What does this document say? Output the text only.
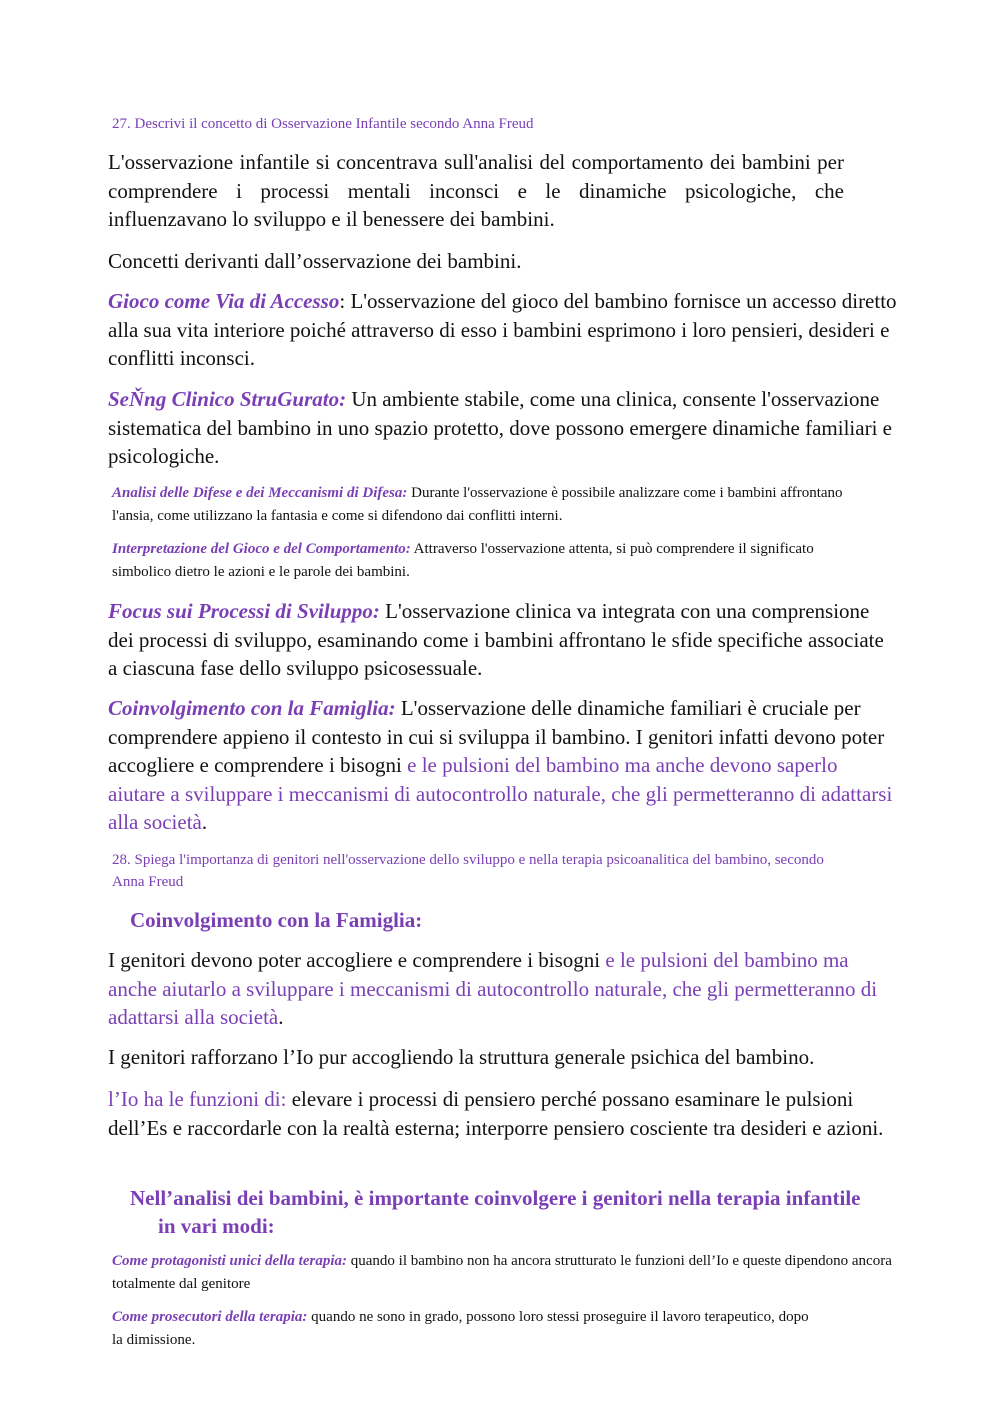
27. Descrivi il concetto di Osservazione Infantile secondo Anna Freud

L'osservazione infantile si concentrava sull'analisi del comportamento dei bambini per comprendere i processi mentali inconsci e le dinamiche psicologiche, che influenzavano lo sviluppo e il benessere dei bambini.

Concetti derivanti dall’osservazione dei bambini.

Gioco come Via di Accesso: L'osservazione del gioco del bambino fornisce un accesso diretto alla sua vita interiore poiché attraverso di esso i bambini esprimono i loro pensieri, desideri e conflitti inconsci.

SeŇng Clinico StruGurato: Un ambiente stabile, come una clinica, consente l'osservazione sistematica del bambino in uno spazio protetto, dove possono emergere dinamiche familiari e psicologiche.

Analisi delle Difese e dei Meccanismi di Difesa: Durante l'osservazione è possibile analizzare come i bambini affrontano l'ansia, come utilizzano la fantasia e come si difendono dai conflitti interni.

Interpretazione del Gioco e del Comportamento: Attraverso l'osservazione attenta, si può comprendere il significato simbolico dietro le azioni e le parole dei bambini.

Focus sui Processi di Sviluppo: L'osservazione clinica va integrata con una comprensione dei processi di sviluppo, esaminando come i bambini affrontano le sfide specifiche associate a ciascuna fase dello sviluppo psicosessuale.

Coinvolgimento con la Famiglia: L'osservazione delle dinamiche familiari è cruciale per comprendere appieno il contesto in cui si sviluppa il bambino. I genitori infatti devono poter accogliere e comprendere i bisogni e le pulsioni del bambino ma anche devono saperlo aiutare a sviluppare i meccanismi di autocontrollo naturale, che gli permetteranno di adattarsi alla società.

28. Spiega l'importanza di genitori nell'osservazione dello sviluppo e nella terapia psicoanalitica del bambino, secondo Anna Freud
Coinvolgimento con la Famiglia:

I genitori devono poter accogliere e comprendere i bisogni e le pulsioni del bambino ma anche aiutarlo a sviluppare i meccanismi di autocontrollo naturale, che gli permetteranno di adattarsi alla società.

I genitori rafforzano l’Io pur accogliendo la struttura generale psichica del bambino.

l’Io ha le funzioni di: elevare i processi di pensiero perché possano esaminare le pulsioni dell’Es e raccordarle con la realtà esterna; interporre pensiero cosciente tra desideri e azioni.

Nell’analisi dei bambini, è importante coinvolgere i genitori nella terapia infantile in vari modi:

Come protagonisti unici della terapia: quando il bambino non ha ancora strutturato le funzioni dell’Io e queste dipendono ancora totalmente dal genitore

Come prosecutori della terapia: quando ne sono in grado, possono loro stessi proseguire il lavoro terapeutico, dopo la dimissione.
